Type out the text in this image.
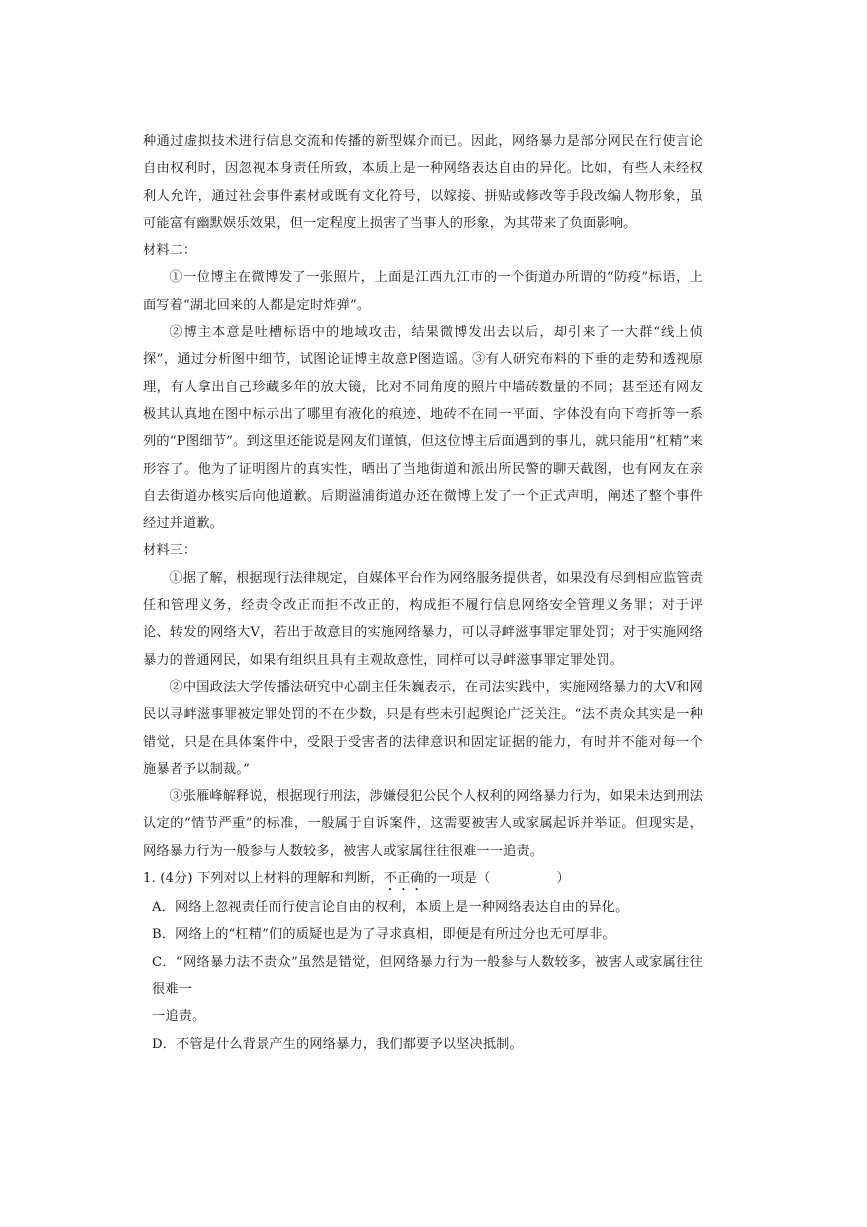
种通过虚拟技术进行信息交流和传播的新型媒介而已。因此，网络暴力是部分网民在行使言论自由权利时，因忽视本身责任所致，本质上是一种网络表达自由的异化。比如，有些人未经权利人允许，通过社会事件素材或既有文化符号，以嫁接、拼贴或修改等手段改编人物形象，虽可能富有幽默娱乐效果，但一定程度上损害了当事人的形象，为其带来了负面影响。

材料二：

①一位博主在微博发了一张照片，上面是江西九江市的一个街道办所谓的“防疫”标语，上面写着“湖北回来的人都是定时炸弹”。

②博主本意是吐槽标语中的地域攻击，结果微博发出去以后，却引来了一大群“线上侦探”，通过分析图中细节，试图论证博主故意P图造谣。③有人研究布料的下垂的走势和透视原理，有人拿出自己珍藏多年的放大镜，比对不同角度的照片中墙砖数量的不同；甚至还有网友极其认真地在图中标示出了哪里有液化的痕迹、地砖不在同一平面、字体没有向下弯折等一系列的“P图细节”。到这里还能说是网友们谨慎，但这位博主后面遇到的事儿，就只能用“杠精”来形容了。他为了证明图片的真实性，晒出了当地街道和派出所民警的聊天截图，也有网友在亲自去街道办核实后向他道歉。后期溢浦街道办还在微博上发了一个正式声明，阐述了整个事件经过并道歉。

材料三：

①据了解，根据现行法律规定，自媒体平台作为网络服务提供者，如果没有尽到相应监管责任和管理义务，经责令改正而拒不改正的，构成拒不履行信息网络安全管理义务罪；对于评论、转发的网络大V，若出于故意目的实施网络暴力，可以寻衅滋事罪定罪处罚；对于实施网络暴力的普通网民，如果有组织且具有主观故意性，同样可以寻衅滋事罪定罪处罚。

②中国政法大学传播法研究中心副主任朱巍表示，在司法实践中，实施网络暴力的大V和网民以寻衅滋事罪被定罪处罚的不在少数，只是有些未引起舆论广泛关注。“法不责众其实是一种错觉，只是在具体案件中，受限于受害者的法律意识和固定证据的能力，有时并不能对每一个施暴者予以制裁。”

③张雁峰解释说，根据现行刑法，涉嫌侵犯公民个人权利的网络暴力行为，如果未达到刑法认定的“情节严重”的标准，一般属于自诉案件，这需要被害人或家属起诉并举证。但现实是，网络暴力行为一般参与人数较多，被害人或家属往往很难一一追责。

1. (4分) 下列对以上材料的理解和判断，不正确的一项是（	）

A．网络上忽视责任而行使言论自由的权利，本质上是一种网络表达自由的异化。

B．网络上的“杠精”们的质疑也是为了寻求真相，即便是有所过分也无可厚非。

C．“网络暴力法不责众”虽然是错觉，但网络暴力行为一般参与人数较多，被害人或家属往往很难一

一追责。

D．不管是什么背景产生的网络暴力，我们都要予以坚决抵制。
